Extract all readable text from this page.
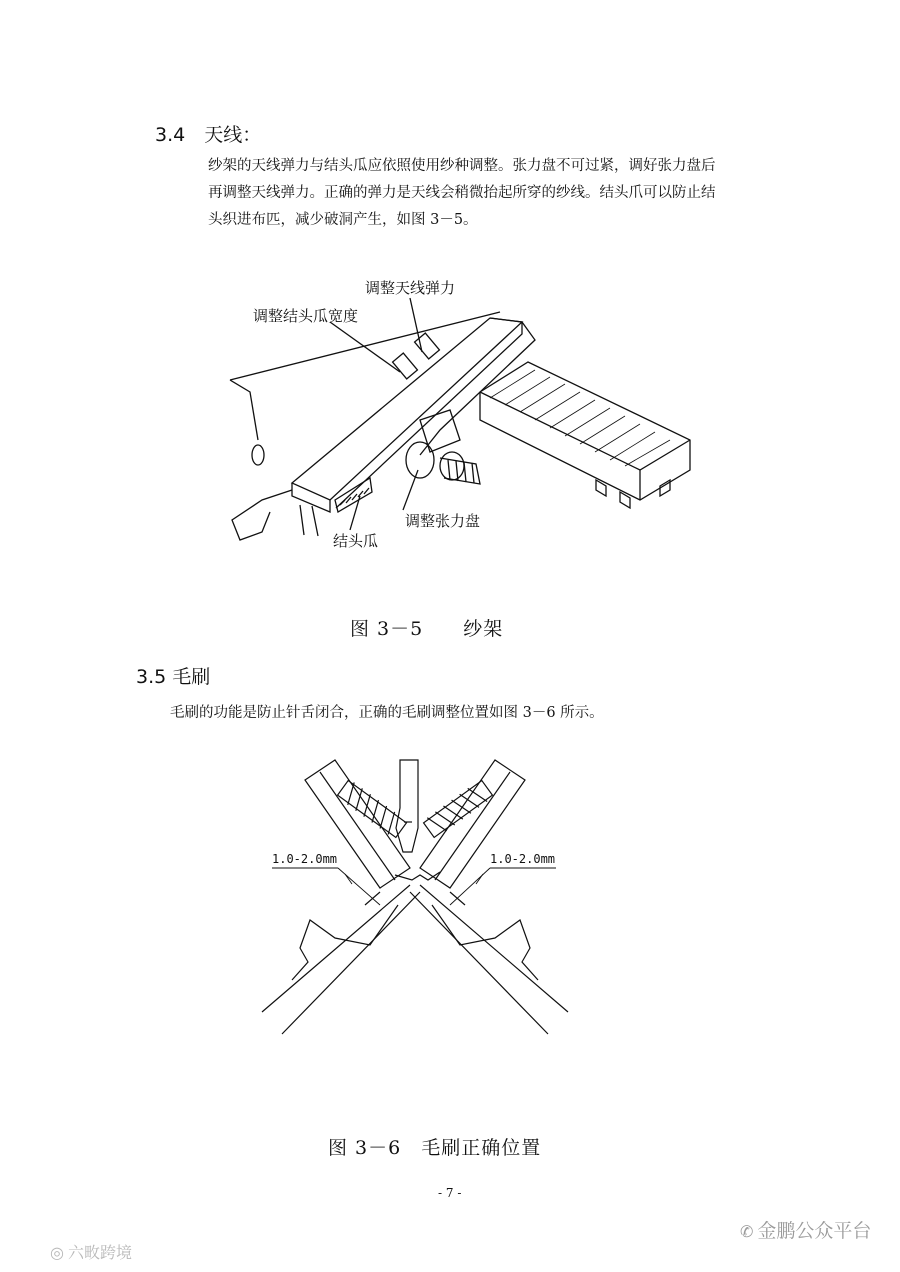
3.4　天线：
纱架的天线弹力与结头瓜应依照使用纱种调整。张力盘不可过紧，调好张力盘后
再调整天线弹力。正确的弹力是天线会稍微抬起所穿的纱线。结头爪可以防止结
头织进布匹，减少破洞产生，如图 3－5。
调整天线弹力
调整结头瓜宽度
调整张力盘
结头瓜
图 3－5　　纱架
3.5 毛刷
毛刷的功能是防止针舌闭合，正确的毛刷调整位置如图 3－6 所示。
1.0-2.0mm	1.0-2.0mm
图 3－6　毛刷正确位置
- 7 -
✆ 金鹏公众平台
◎ 六畋跨境
